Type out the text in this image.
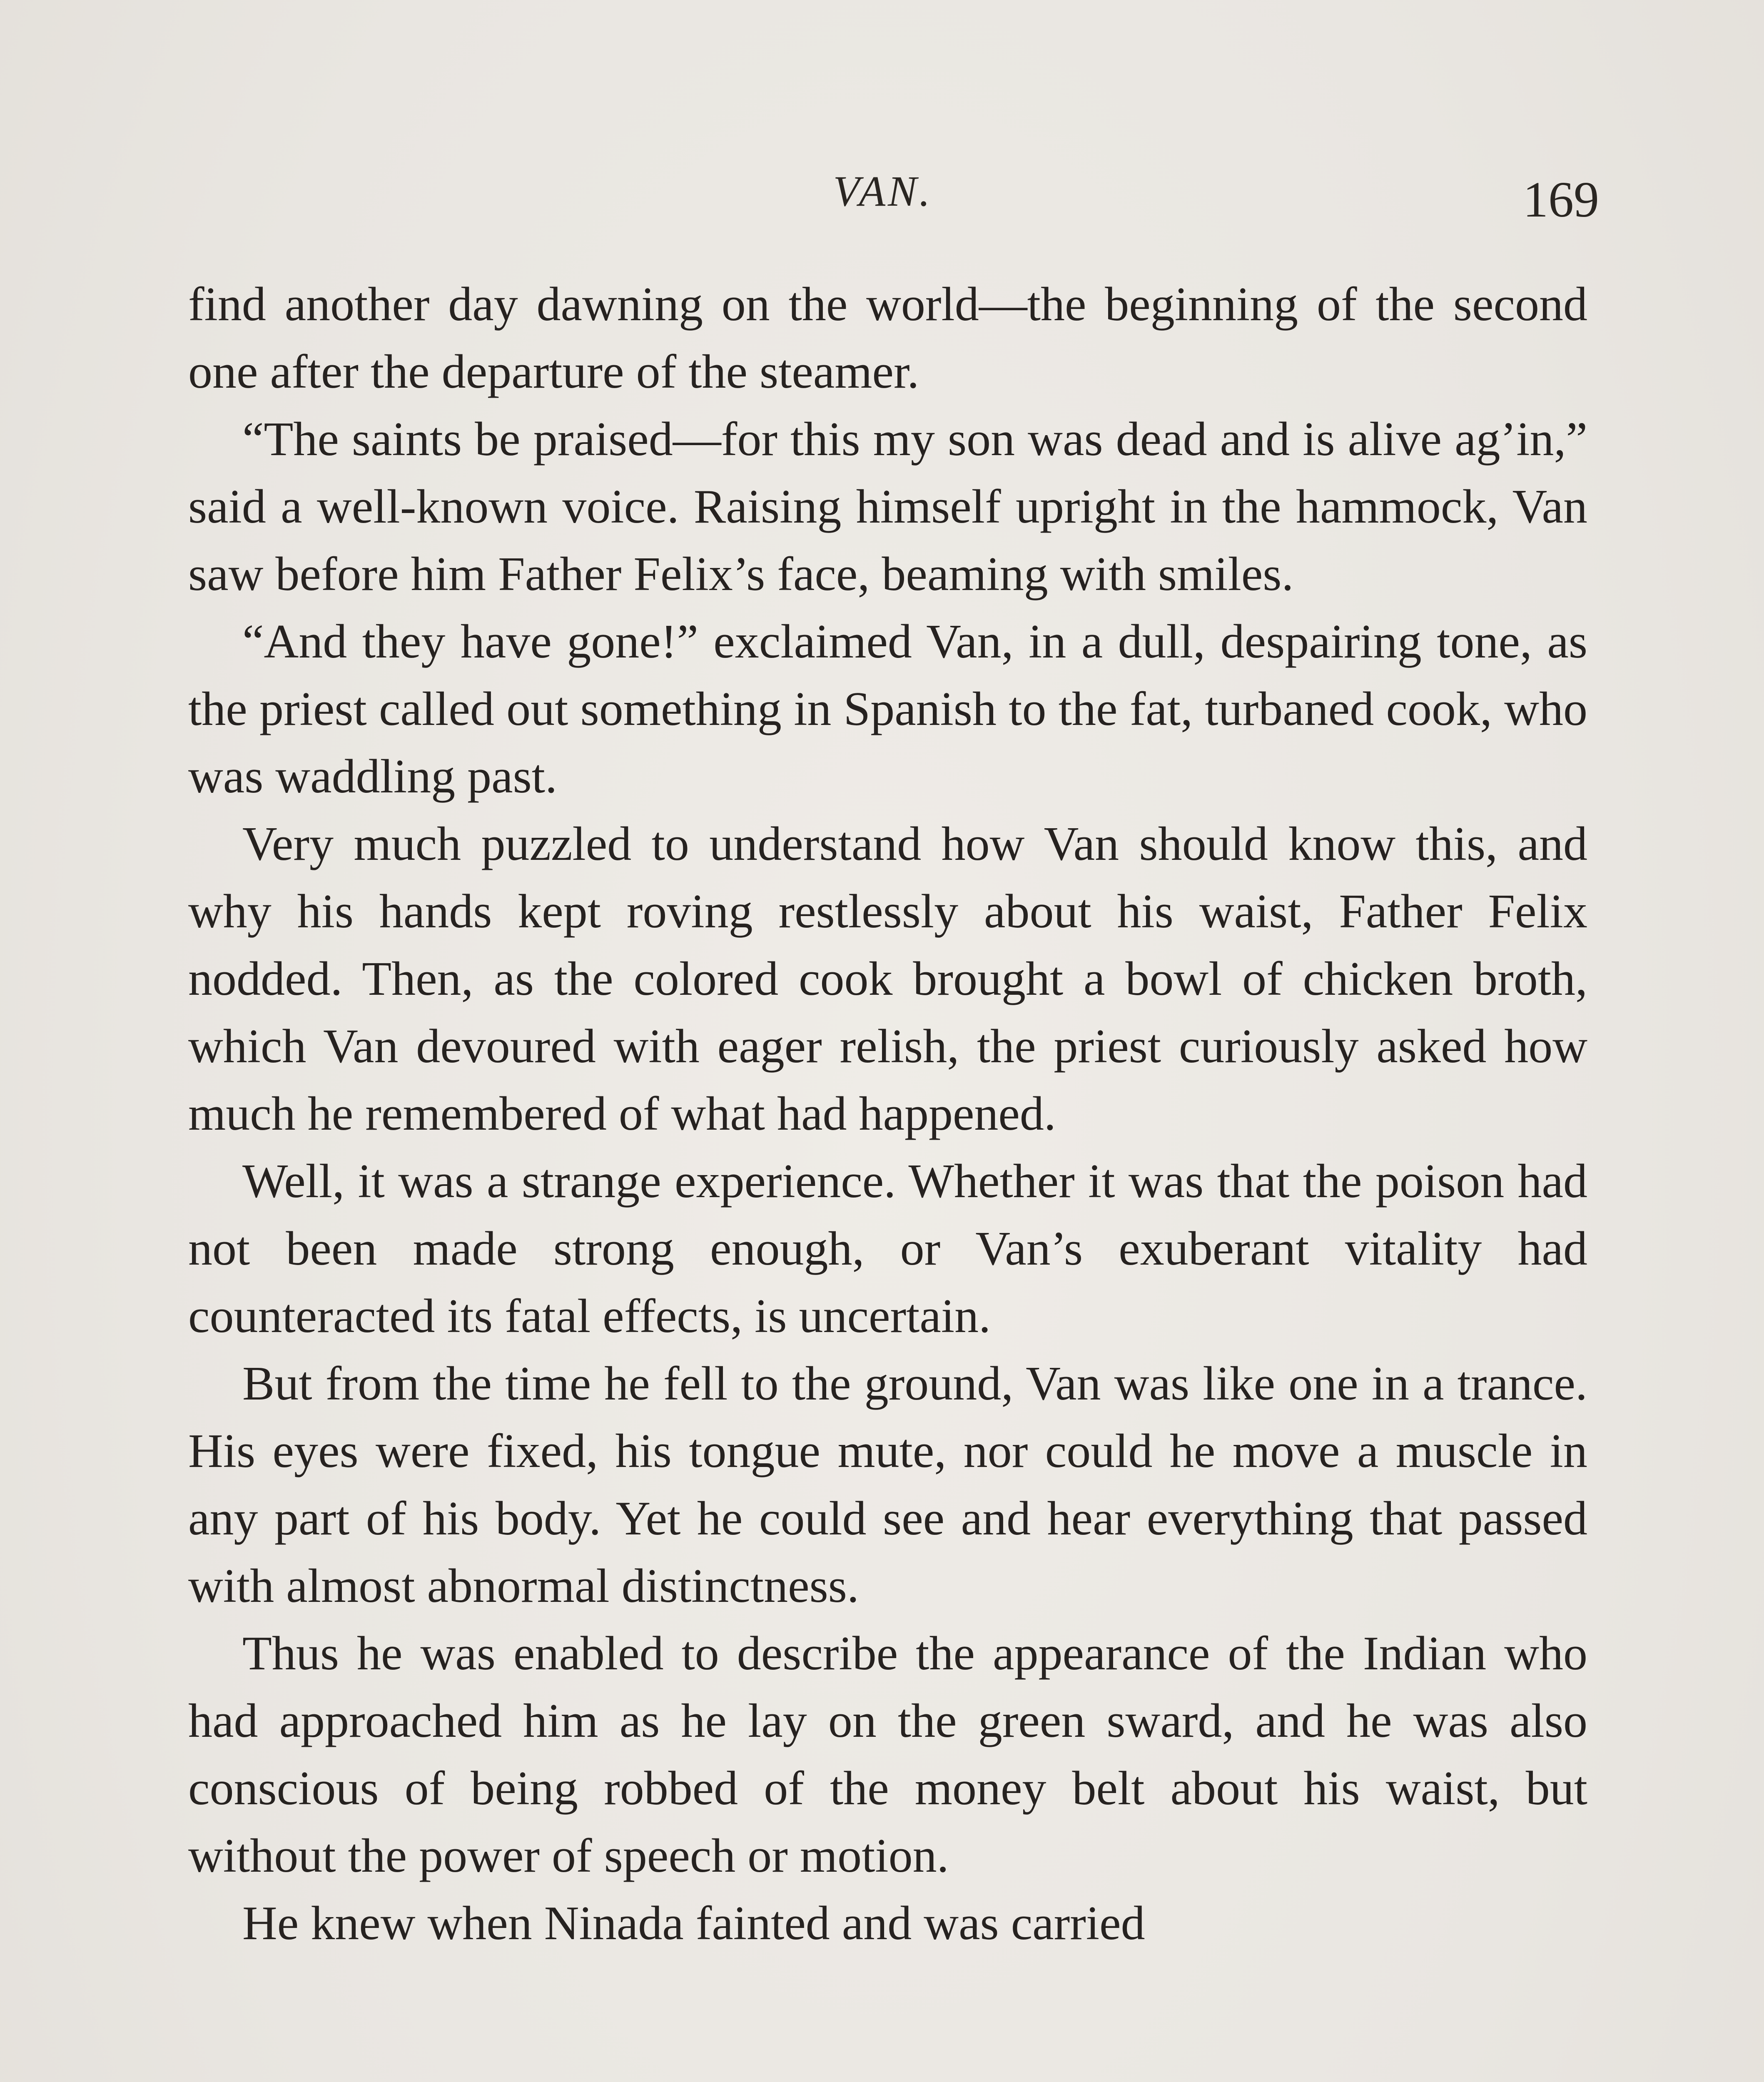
VAN.	169

find another day dawning on the world—the beginning of the second one after the departure of the steamer.

“The saints be praised—for this my son was dead and is alive ag’in,” said a well-known voice. Raising himself upright in the hammock, Van saw before him Father Felix’s face, beaming with smiles.

“And they have gone!” exclaimed Van, in a dull, despairing tone, as the priest called out something in Spanish to the fat, turbaned cook, who was waddling past.

Very much puzzled to understand how Van should know this, and why his hands kept roving restlessly about his waist, Father Felix nodded. Then, as the colored cook brought a bowl of chicken broth, which Van devoured with eager relish, the priest curiously asked how much he remembered of what had happened.

Well, it was a strange experience. Whether it was that the poison had not been made strong enough, or Van’s exuberant vitality had counteracted its fatal effects, is uncertain.

But from the time he fell to the ground, Van was like one in a trance. His eyes were fixed, his tongue mute, nor could he move a muscle in any part of his body. Yet he could see and hear everything that passed with almost abnormal distinctness.

Thus he was enabled to describe the appearance of the Indian who had approached him as he lay on the green sward, and he was also conscious of being robbed of the money belt about his waist, but without the power of speech or motion.

He knew when Ninada fainted and was carried
